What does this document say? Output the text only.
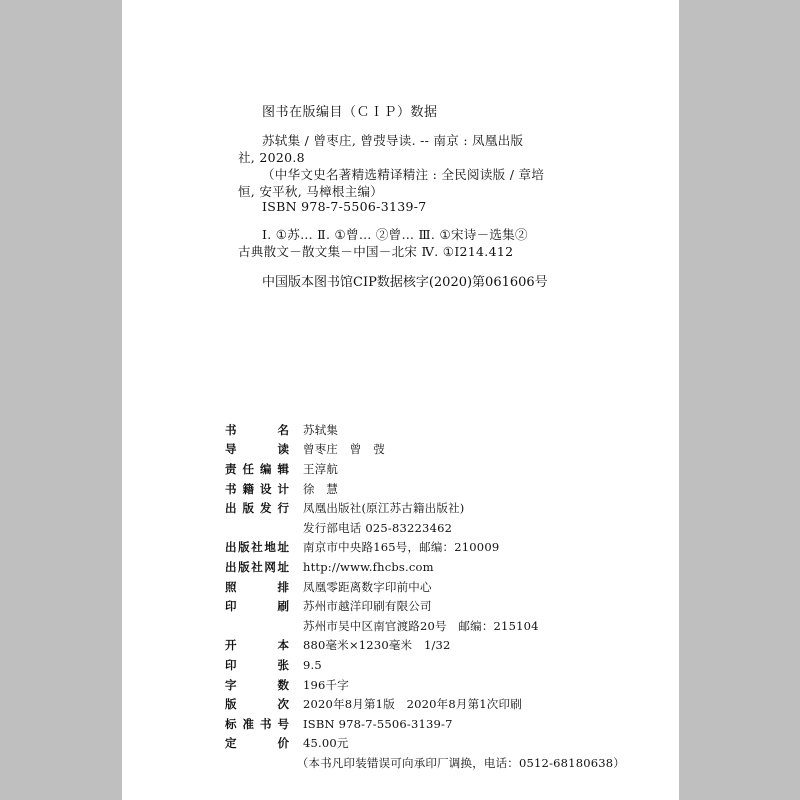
图书在版编目（ＣＩＰ）数据
苏轼集 / 曾枣庄, 曾弢导读. -- 南京 : 凤凰出版
社, 2020.8
（中华文史名著精选精译精注 : 全民阅读版 / 章培
恒, 安平秋, 马樟根主编）
ISBN 978-7-5506-3139-7
Ⅰ. ①苏… Ⅱ. ①曾… ②曾… Ⅲ. ①宋诗－选集②
古典散文－散文集－中国－北宋 Ⅳ. ①I214.412
中国版本图书馆CIP数据核字(2020)第061606号
书	名 苏轼集
导	读 曾枣庄　曾　弢
责 任 编 辑 王淳航
书 籍 设 计 徐　慧
出 版 发 行 凤凰出版社(原江苏古籍出版社)
发行部电话 025-83223462
出 版 社 地 址 南京市中央路165号，邮编：210009
出 版 社 网 址 http://www.fhcbs.com
照	排 凤凰零距离数字印前中心
印	刷 苏州市越洋印刷有限公司
苏州市吴中区南官渡路20号　邮编：215104
开	本 880毫米×1230毫米　1/32
印	张 9.5
字	数 196千字
版	次 2020年8月第1版　2020年8月第1次印刷
标 准 书 号 ISBN 978-7-5506-3139-7
定	价 45.00元
（本书凡印装错误可向承印厂调换，电话：0512-68180638）
